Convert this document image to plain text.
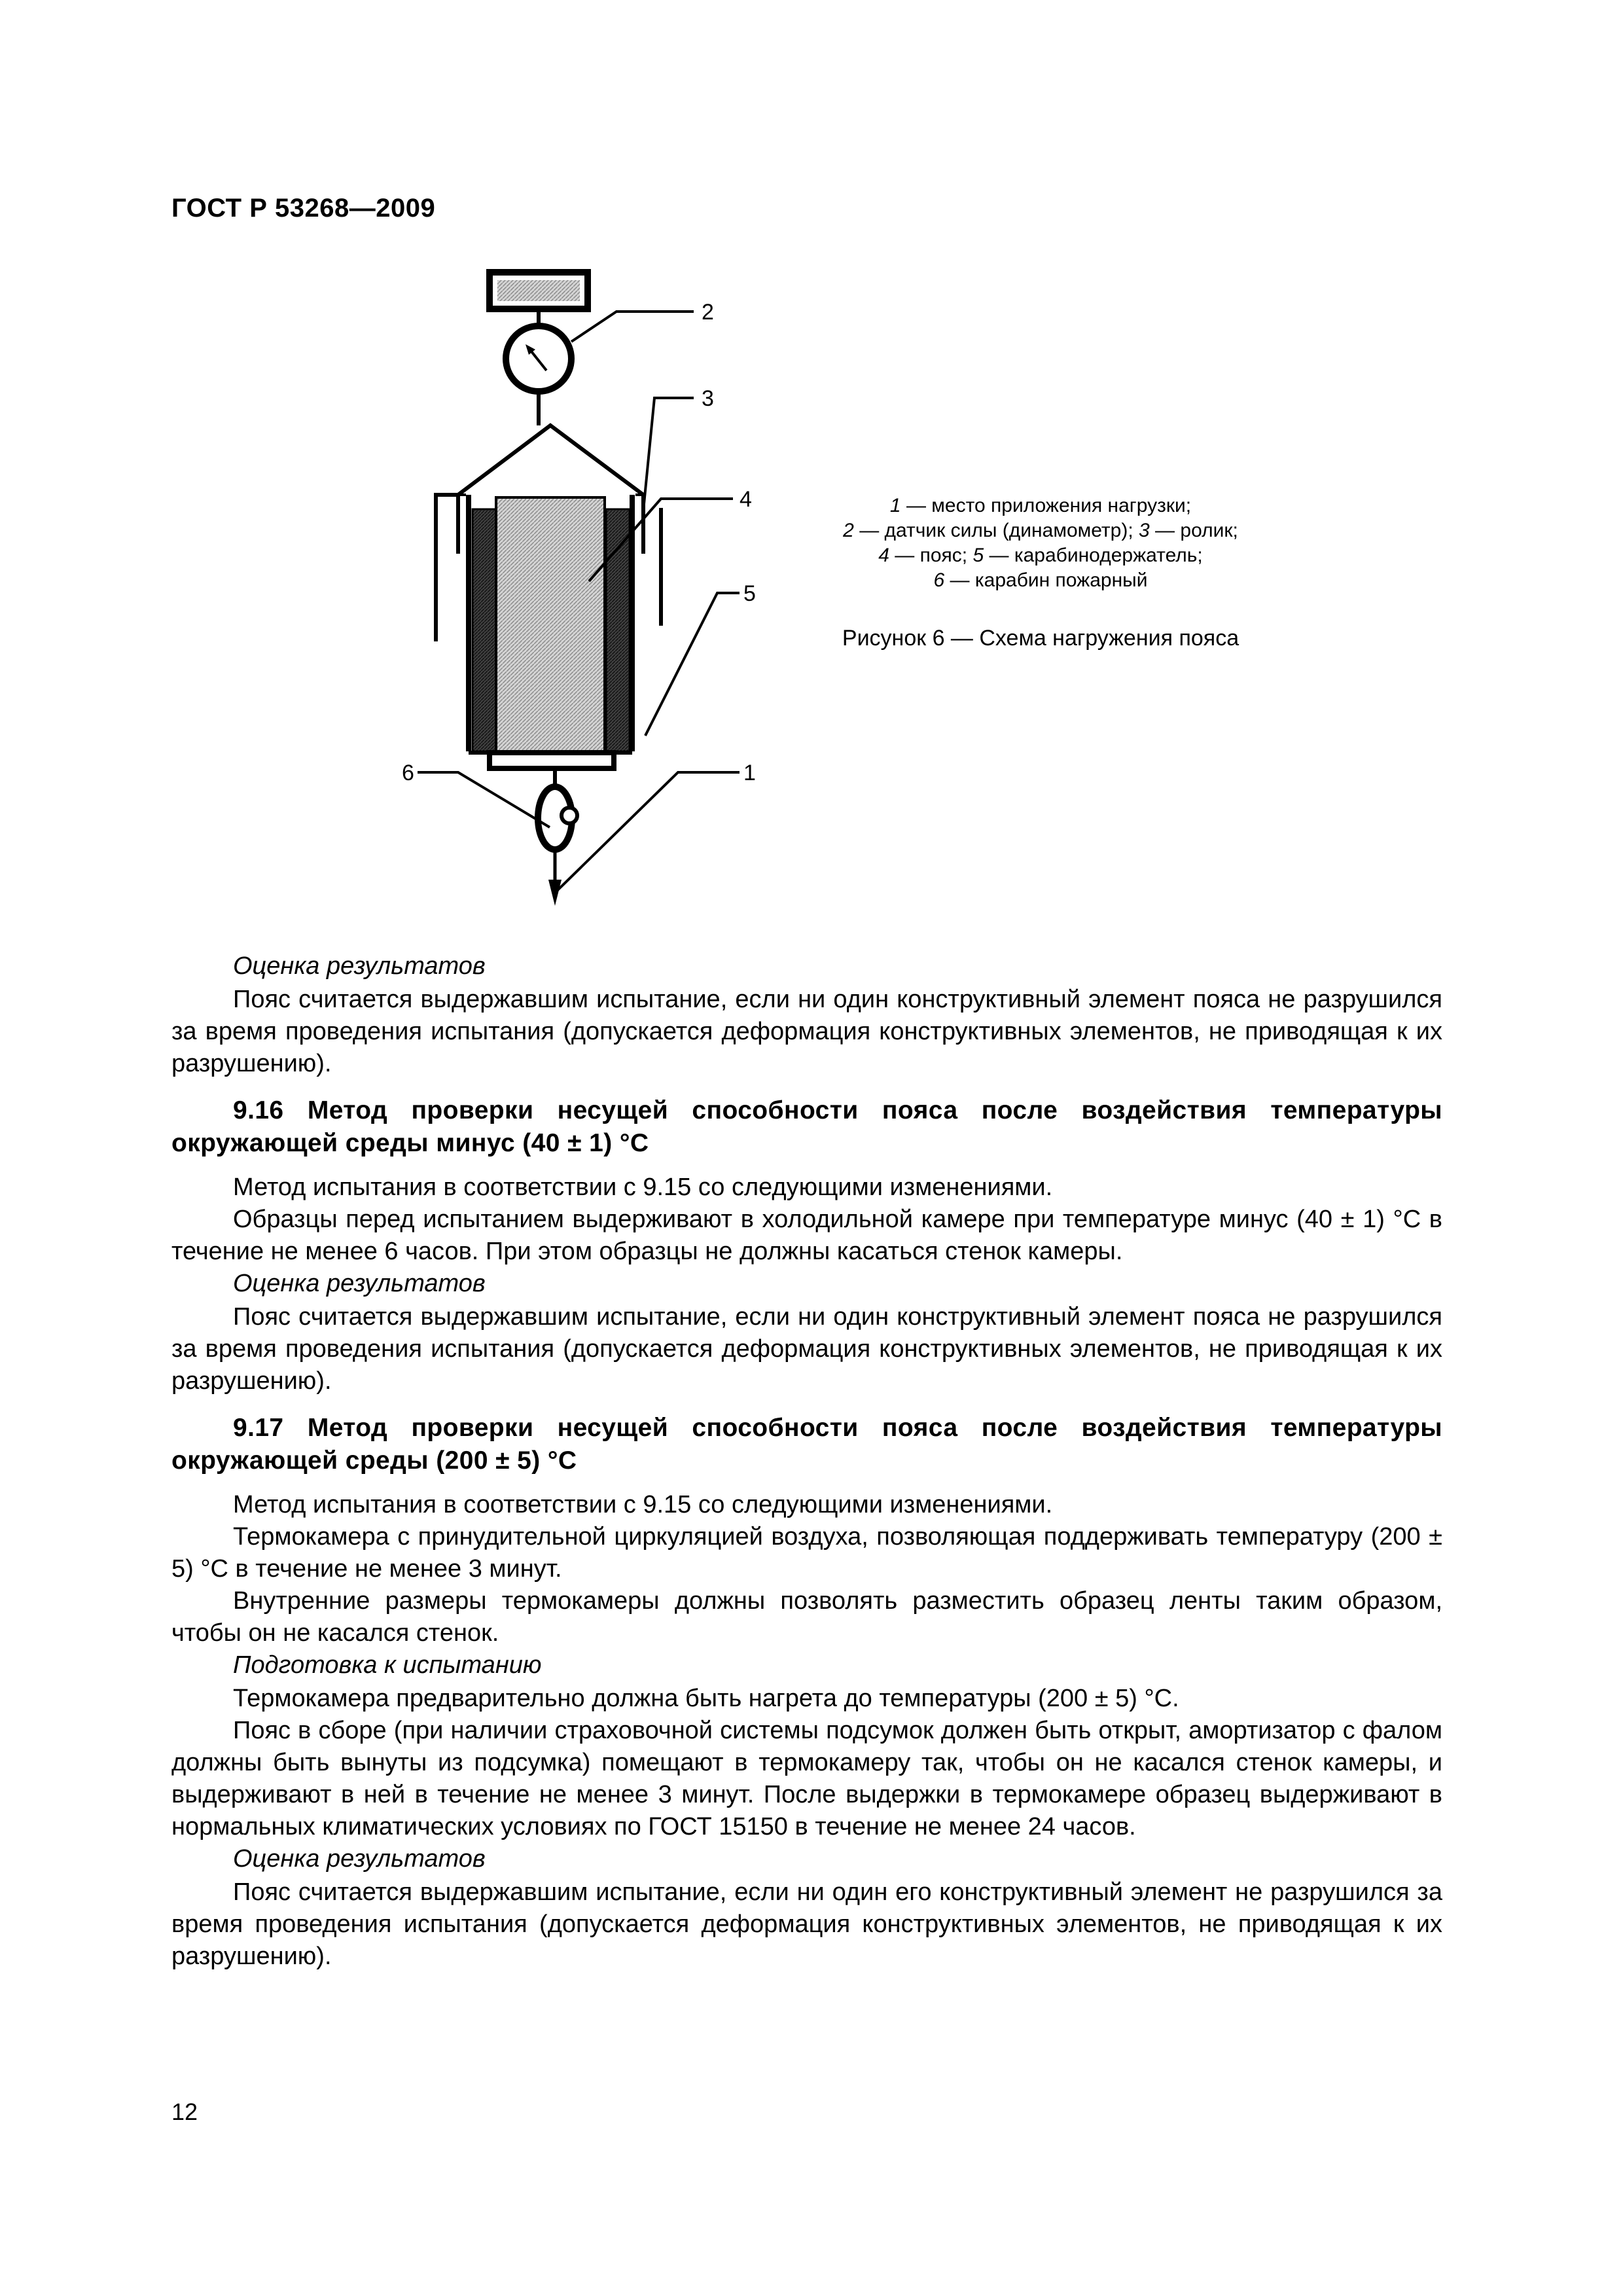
ГОСТ Р 53268—2009
2
3
4
5
6	1
1 — место приложения нагрузки;
2 — датчик силы (динамометр); 3 — ролик;
4 — пояс; 5 — карабинодержатель;
6 — карабин пожарный
Рисунок 6 — Схема нагружения пояса

Оценка результатов

Пояс считается выдержавшим испытание, если ни один конструктивный элемент пояса не разрушился за время проведения испытания (допускается деформация конструктивных элементов, не приводящая к их разрушению).

9.16 Метод проверки несущей способности пояса после воздействия температуры окружающей среды минус (40 ± 1) °С

Метод испытания в соответствии с 9.15 со следующими изменениями.

Образцы перед испытанием выдерживают в холодильной камере при температуре минус (40 ± 1) °С в течение не менее 6 часов. При этом образцы не должны касаться стенок камеры.

Оценка результатов

Пояс считается выдержавшим испытание, если ни один конструктивный элемент пояса не разрушился за время проведения испытания (допускается деформация конструктивных элементов, не приводящая к их разрушению).

9.17 Метод проверки несущей способности пояса после воздействия температуры окружающей среды (200 ± 5) °С

Метод испытания в соответствии с 9.15 со следующими изменениями.

Термокамера с принудительной циркуляцией воздуха, позволяющая поддерживать температуру (200 ± 5) °С в течение не менее 3 минут.

Внутренние размеры термокамеры должны позволять разместить образец ленты таким образом, чтобы он не касался стенок.

Подготовка к испытанию

Термокамера предварительно должна быть нагрета до температуры (200 ± 5) °С.

Пояс в сборе (при наличии страховочной системы подсумок должен быть открыт, амортизатор с фалом должны быть вынуты из подсумка) помещают в термокамеру так, чтобы он не касался стенок камеры, и выдерживают в ней в течение не менее 3 минут. После выдержки в термокамере образец выдерживают в нормальных климатических условиях по ГОСТ 15150 в течение не менее 24 часов.

Оценка результатов

Пояс считается выдержавшим испытание, если ни один его конструктивный элемент не разрушился за время проведения испытания (допускается деформация конструктивных элементов, не приводящая к их разрушению).

12
